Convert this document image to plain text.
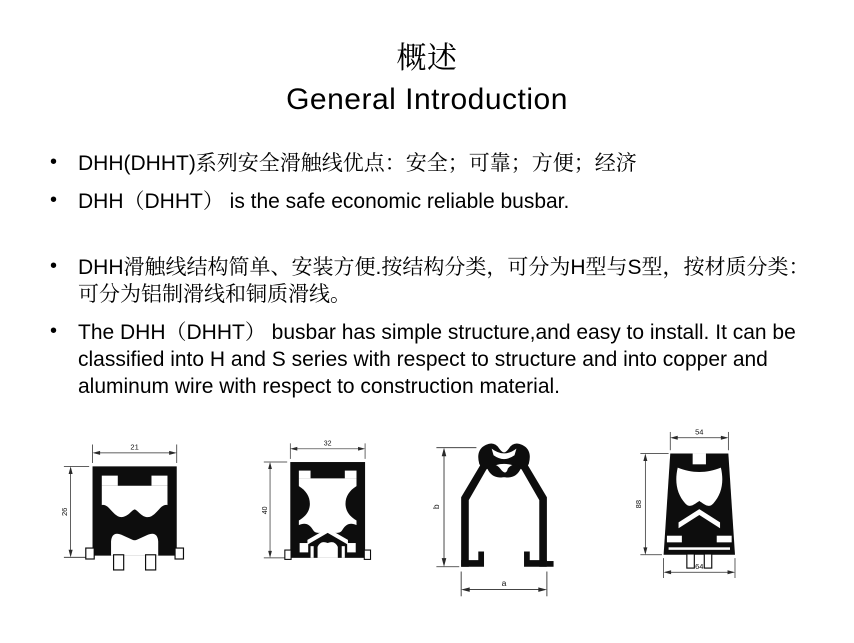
概述
General Introduction
• DHH(DHHT)系列安全滑触线优点：安全；可靠；方便；经济
• DHH（DHHT） is the safe economic reliable busbar.
• DHH滑触线结构简单、安装方便.按结构分类，可分为H型与S型，按材质分类：可分为铝制滑线和铜质滑线。
• The DHH（DHHT） busbar has simple structure,and easy to install. It can be classified into H and S series with respect to structure and into copper and aluminum wire with respect to construction material.
21
26
32
40	b
a
54
88
64
